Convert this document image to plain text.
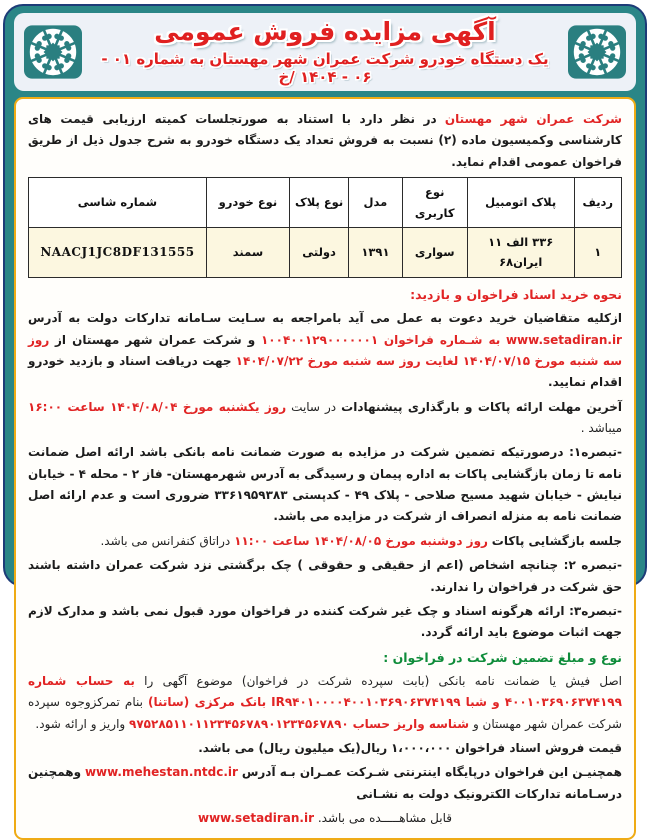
آگهی مزایده فروش عمومی
یک دستگاه خودرو شرکت عمران شهر مهستان به شماره ۰۱ - ۰۶ - ۱۴۰۴ /خ

شرکت عمران شهر مهستان در نظر دارد با استناد به صورتجلسات کمیته ارزیابی قیمت های کارشناسی وکمیسیون ماده (۲) نسبت به فروش تعداد یک دستگاه خودرو به شرح جدول ذیل از طریق فراخوان عمومی اقدام نماید.

ردیف	پلاک اتومبیل	نوع کاربری	مدل	نوع پلاک	نوع خودرو	شماره شاسی
۱	۳۳۶ الف ۱۱ ایران۶۸	سواری	۱۳۹۱	دولتی	سمند	NAACJ1JC8DF131555
نحوه خرید اسناد فراخوان و بازدید:

ازکلیه متقاضیان خرید دعوت به عمل می آید بامراجعه به سـایت سـامانه تدارکات دولت به آدرس www.setadiran.ir به شـماره فراخوان ۱۰۰۴۰۰۱۲۹۰۰۰۰۰۰۱ و شرکت عمران شهر مهستان از روز سه شنبه مورخ ۱۴۰۴/۰۷/۱۵ لغایت روز سه شنبه مورخ ۱۴۰۴/۰۷/۲۲ جهت دریافت اسناد و بازدید خودرو اقدام نمایید.

آخرین مهلت ارائه پاکات و بارگذاری پیشنهادات در سایت روز یکشنبه مورخ ۱۴۰۴/۰۸/۰۴ ساعت ۱۶:۰۰ میباشد .

-تبصره۱: درصورتیکه تضمین شرکت در مزایده به صورت ضمانت نامه بانکی باشد ارائه اصل ضمانت نامه تا زمان بازگشایی پاکات به اداره پیمان و رسیدگی به آدرس شهرمهستان- فاز ۲ - محله ۴ - خیابان نیایش - خیابان شهید مسیح صلاحی - پلاک ۴۹ - کدپستی ۳۳۶۱۹۵۹۳۸۳ ضروری است و عدم ارائه اصل ضمانت نامه به منزله انصراف از شرکت در مزایده می باشد.

جلسه بازگشایی پاکات روز دوشنبه مورخ ۱۴۰۴/۰۸/۰۵ ساعت ۱۱:۰۰ دراتاق کنفرانس می باشد.

-تبصره ۲: چنانچه اشخاص (اعم از حقیقی و حقوقی ) چک برگشتی نزد شرکت عمران داشته باشند حق شرکت در فراخوان را ندارند.

-تبصره۳: ارائه هرگونه اسناد و چک غیر شرکت کننده در فراخوان مورد قبول نمی باشد و مدارک لازم جهت اثبات موضوع باید ارائه گردد.

نوع و مبلغ تضمین شرکت در فراخوان :

اصل فیش یا ضمانت نامه بانکی (بابت سپرده شرکت در فراخوان) موضوع آگهی را به حساب شماره ۴۰۰۱۰۳۶۹۰۶۳۷۴۱۹۹ و شبا IR۹۴۰۱۰۰۰۰۴۰۰۱۰۳۶۹۰۶۳۷۴۱۹۹ بانک مرکزی (ساتنا) بنام تمرکزوجوه سپرده شرکت عمران شهر مهستان و شناسه واریز حساب ۹۷۵۲۸۵۱۱۰۱۱۲۳۴۵۶۷۸۹۰۱۲۳۴۵۶۷۸۹۰ واریز و ارائه شود.

قیمت فروش اسناد فراخوان ۱،۰۰۰،۰۰۰ ریال(یک میلیون ریال) می باشد.

همچنیـن این فراخوان درپایگاه اینترنتی شـرکت عمـران بـه آدرس www.mehestan.ntdc.ir وهمچنین درسـامانه تدارکات الکترونیک دولت به نشـانی

قابل مشاهـــــده می باشد. www.setadiran.ir
